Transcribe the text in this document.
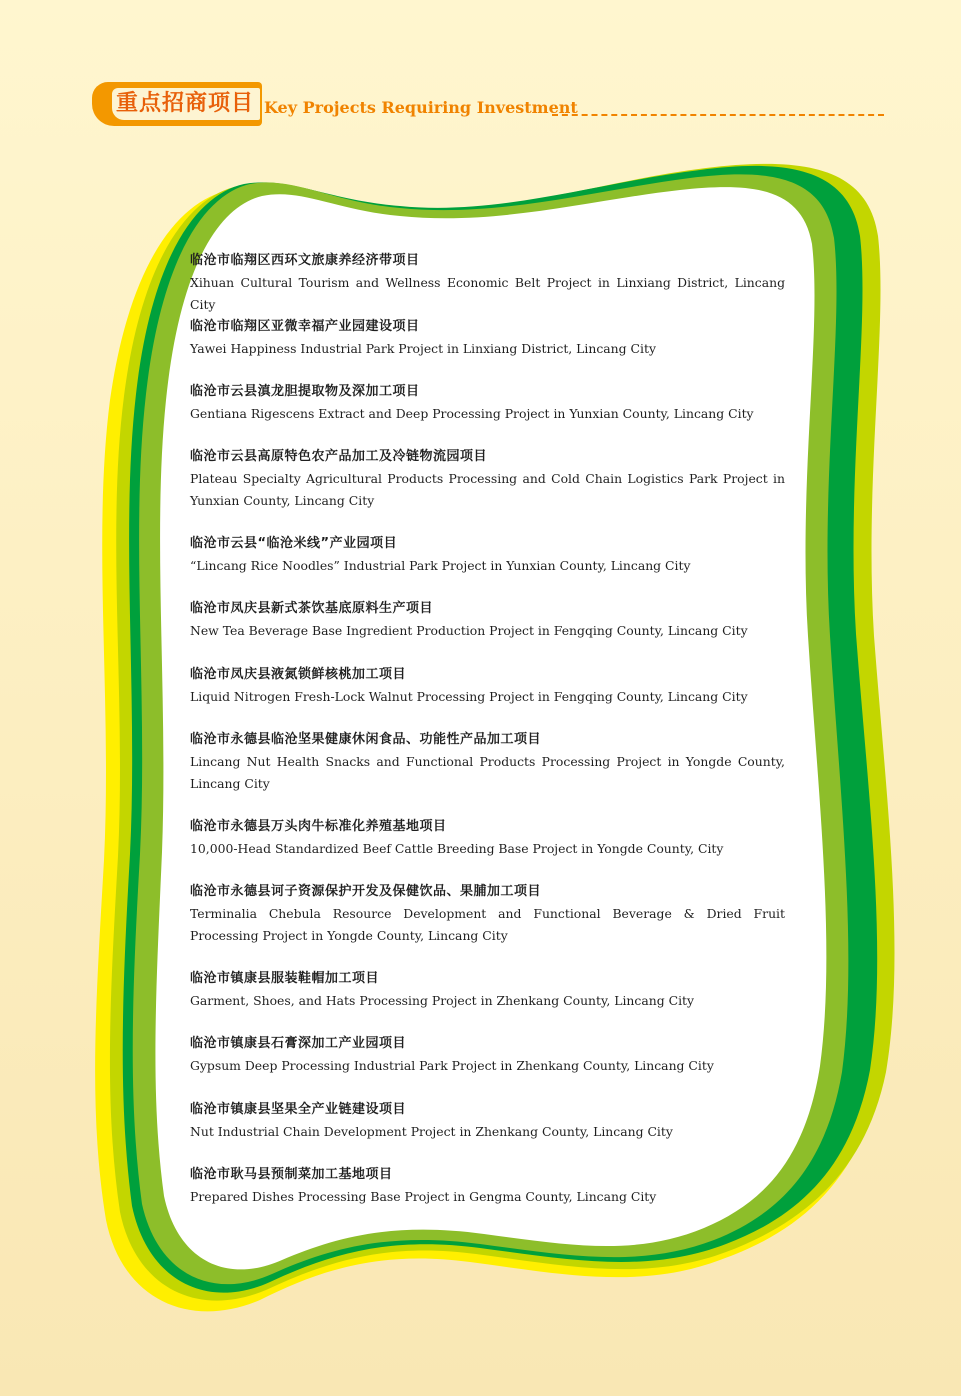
重点招商项目 Key Projects Requiring Investment
临沧市临翔区西环文旅康养经济带项目
Xihuan Cultural Tourism and Wellness Economic Belt Project in Linxiang District, Lincang City
临沧市临翔区亚微幸福产业园建设项目
Yawei Happiness Industrial Park Project in Linxiang District, Lincang City
临沧市云县滇龙胆提取物及深加工项目
Gentiana Rigescens Extract and Deep Processing Project in Yunxian County, Lincang City
临沧市云县高原特色农产品加工及冷链物流园项目
Plateau Specialty Agricultural Products Processing and Cold Chain Logistics Park Project in Yunxian County, Lincang City
临沧市云县“临沧米线”产业园项目
“Lincang Rice Noodles” Industrial Park Project in Yunxian County, Lincang City
临沧市凤庆县新式茶饮基底原料生产项目
New Tea Beverage Base Ingredient Production Project in Fengqing County, Lincang City
临沧市凤庆县液氮锁鲜核桃加工项目
Liquid Nitrogen Fresh-Lock Walnut Processing Project in Fengqing County, Lincang City
临沧市永德县临沧坚果健康休闲食品、功能性产品加工项目
Lincang Nut Health Snacks and Functional Products Processing Project in Yongde County, Lincang City
临沧市永德县万头肉牛标准化养殖基地项目
10,000-Head Standardized Beef Cattle Breeding Base Project in Yongde County, City
临沧市永德县诃子资源保护开发及保健饮品、果脯加工项目
Terminalia Chebula Resource Development and Functional Beverage & Dried Fruit Processing Project in Yongde County, Lincang City
临沧市镇康县服装鞋帽加工项目
Garment, Shoes, and Hats Processing Project in Zhenkang County, Lincang City
临沧市镇康县石膏深加工产业园项目
Gypsum Deep Processing Industrial Park Project in Zhenkang County, Lincang City
临沧市镇康县坚果全产业链建设项目
Nut Industrial Chain Development Project in Zhenkang County, Lincang City
临沧市耿马县预制菜加工基地项目
Prepared Dishes Processing Base Project in Gengma County, Lincang City
